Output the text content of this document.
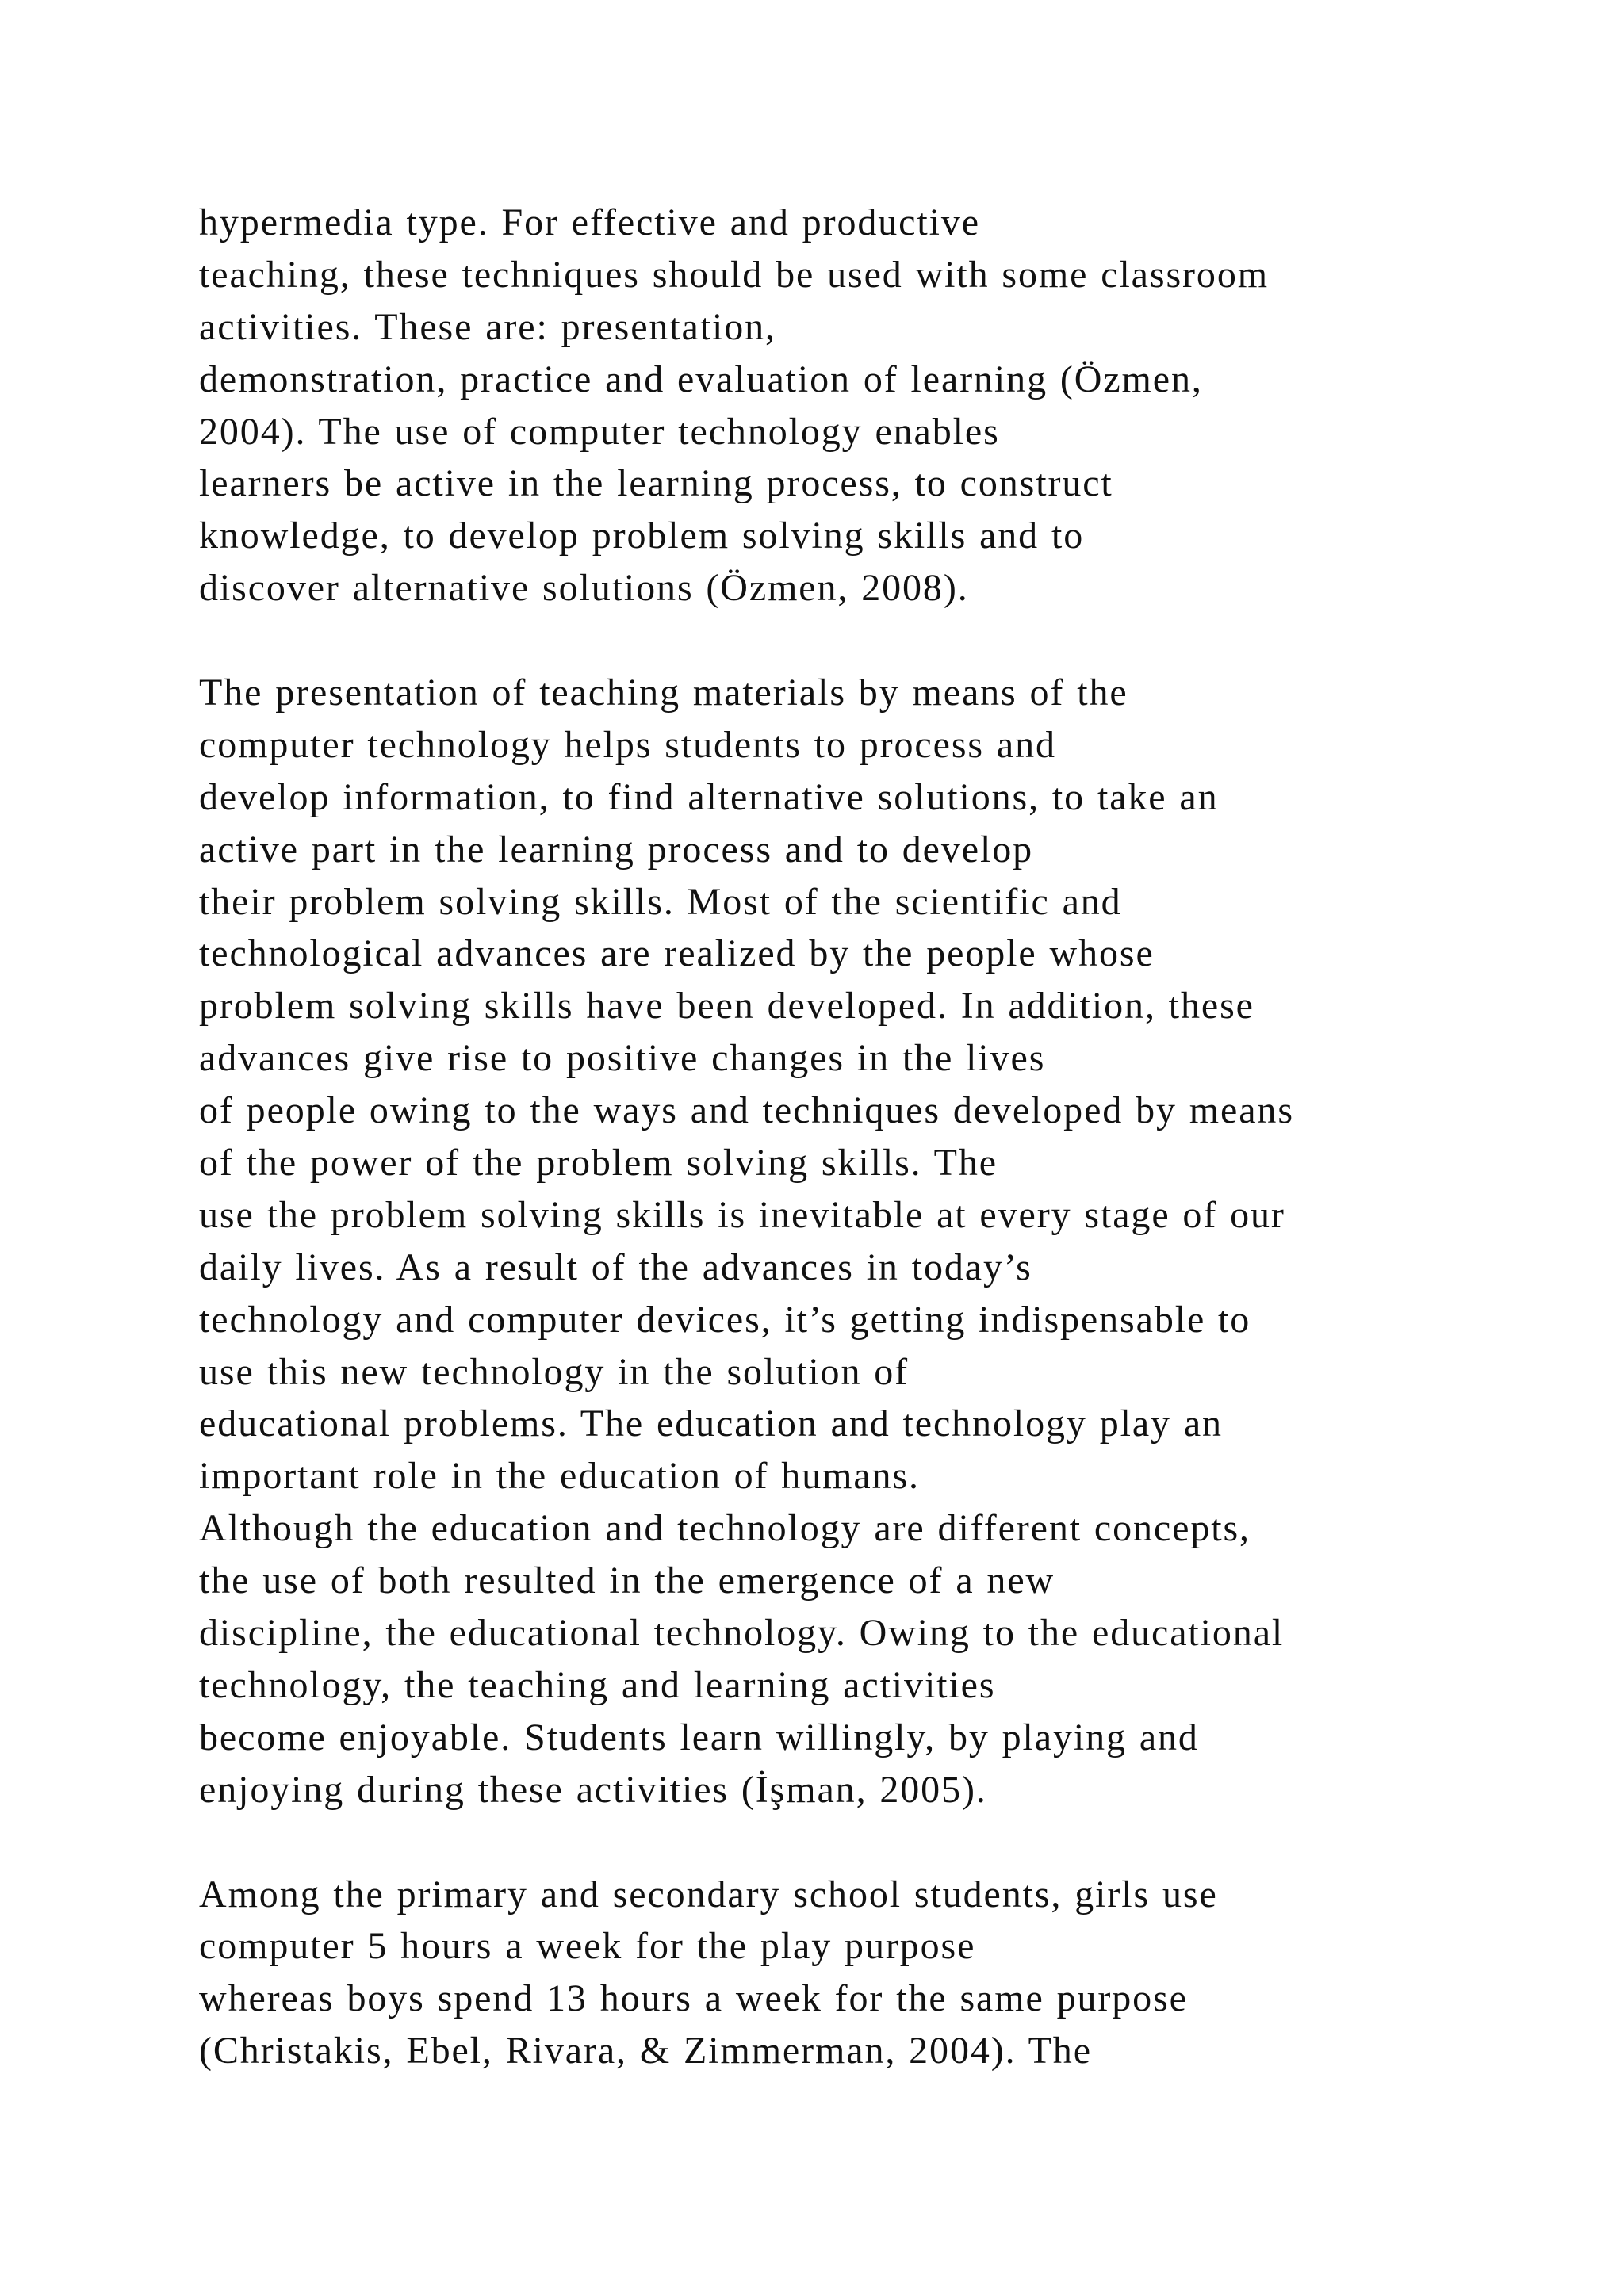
hypermedia type. For effective and productive
teaching, these techniques should be used with some classroom
activities. These are: presentation,
demonstration, practice and evaluation of learning (Özmen,
2004). The use of computer technology enables
learners be active in the learning process, to construct
knowledge, to develop problem solving skills and to
discover alternative solutions (Özmen, 2008).
The presentation of teaching materials by means of the
computer technology helps students to process and
develop information, to find alternative solutions, to take an
active part in the learning process and to develop
their problem solving skills. Most of the scientific and
technological advances are realized by the people whose
problem solving skills have been developed. In addition, these
advances give rise to positive changes in the lives
of people owing to the ways and techniques developed by means
of the power of the problem solving skills. The
use the problem solving skills is inevitable at every stage of our
daily lives. As a result of the advances in today’s
technology and computer devices, it’s getting indispensable to
use this new technology in the solution of
educational problems. The education and technology play an
important role in the education of humans.
Although the education and technology are different concepts,
the use of both resulted in the emergence of a new
discipline, the educational technology. Owing to the educational
technology, the teaching and learning activities
become enjoyable. Students learn willingly, by playing and
enjoying during these activities (İşman, 2005).
Among the primary and secondary school students, girls use
computer 5 hours a week for the play purpose
whereas boys spend 13 hours a week for the same purpose
(Christakis, Ebel, Rivara, & Zimmerman, 2004). The
